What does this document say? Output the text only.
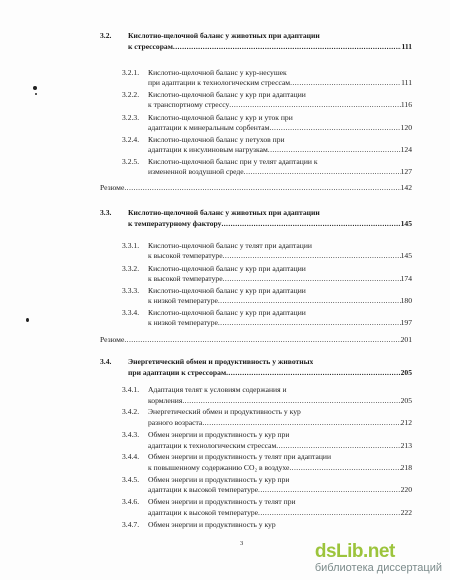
3.2. Кислотно-щелочной баланс у животных при адаптации
к стрессорам .....	111
3.2.1. Кислотно-щелочной баланс у кур-несушек
при адаптации к технологическим стрессам .....	111
3.2.2. Кислотно-щелочной баланс у кур при адаптации
к транспортному стрессу .....	116
3.2.3. Кислотно-щелочной баланс у кур и уток при
адаптации к минеральным сорбентам .....	120
3.2.4. Кислотно-щелочной баланс у петухов при
адаптации к инсулиновым нагрузкам .....	124
3.2.5. Кислотно-щелочной баланс при у телят адаптации к
измененной воздушной среде .....	127
Резюме .....	142
3.3. Кислотно-щелочной баланс у животных при адаптации
к температурному фактору .....	145
3.3.1. Кислотно-щелочной баланс у телят при адаптации
к высокой температуре .....	145
3.3.2. Кислотно-щелочной баланс у кур при адаптации
к высокой температуре .....	174
3.3.3. Кислотно-щелочной баланс у кур при адаптации
к низкой температуре .....	180
3.3.4. Кислотно-щелочной баланс у кур при адаптации
к низкой температуре .....	197
Резюме .....	201
3.4. Энергетический обмен и продуктивность у животных
при адаптации к стрессорам .....	205
3.4.1. Адаптация телят к условиям содержания и
кормления .....	205
3.4.2. Энергетический обмен и продуктивность у кур
разного возраста .....	212
3.4.3. Обмен энергии и продуктивность у кур при
адаптации к технологическим стрессам .....	213
3.4.4. Обмен энергии и продуктивность у телят при адаптации
к повышенному содержанию CO₂ в воздухе .....	218
3.4.5. Обмен энергии и продуктивность у кур при
адаптации к высокой температуре .....	220
3.4.6. Обмен энергии и продуктивность у телят при
адаптации к высокой температуре .....	222
3.4.7. Обмен энергии и продуктивность у кур
3	dsLib.net
библиотека диссертаций
